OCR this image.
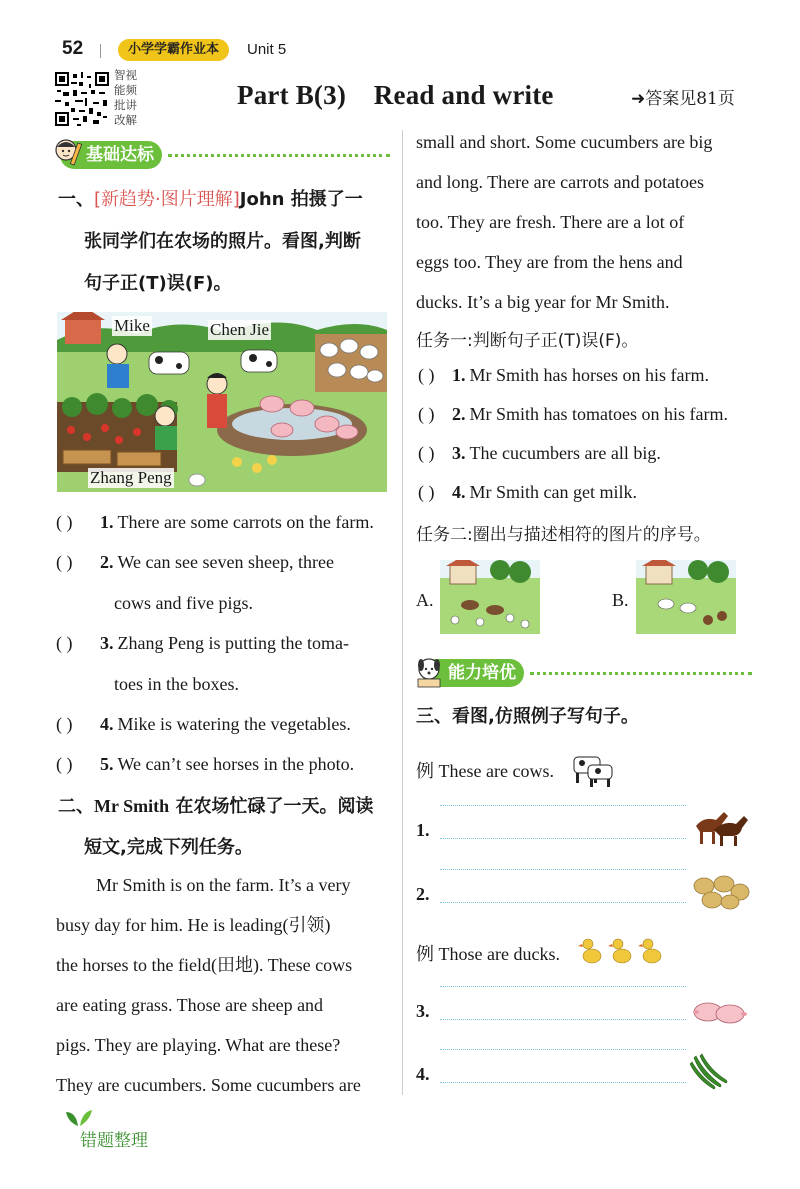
52	小学学霸作业本	Unit 5
智视能频批讲改解
Part B(3)    Read and write	➜答案见81页
基础达标
一、[新趋势·图片理解]John 拍摄了一
张同学们在农场的照片。看图,判断
句子正(T)误(F)。
Mike	Chen Jie
Zhang Peng
( )	1. There are some carrots on the farm.
( )	2. We can see seven sheep, three
cows and five pigs.
( )	3. Zhang Peng is putting the toma-
toes in the boxes.
( )	4. Mike is watering the vegetables.
( )	5. We can’t see horses in the photo.
二、Mr Smith 在农场忙碌了一天。阅读
短文,完成下列任务。
Mr Smith is on the farm. It’s a very
busy day for him. He is leading(引领)
the horses to the field(田地). These cows
are eating grass. Those are sheep and
pigs. They are playing. What are these?
They are cucumbers. Some cucumbers are
small and short. Some cucumbers are big
and long. There are carrots and potatoes
too. They are fresh. There are a lot of
eggs too. They are from the hens and
ducks. It’s a big year for Mr Smith.
任务一:判断句子正(T)误(F)。
( ) 1. Mr Smith has horses on his farm.
( ) 2. Mr Smith has tomatoes on his farm.
( ) 3. The cucumbers are all big.
( ) 4. Mr Smith can get milk.
任务二:圈出与描述相符的图片的序号。
A.	B.
能力培优
三、看图,仿照例子写句子。
例 These are cows.
1.
2.
例 Those are ducks.
3.
4.
错题整理
